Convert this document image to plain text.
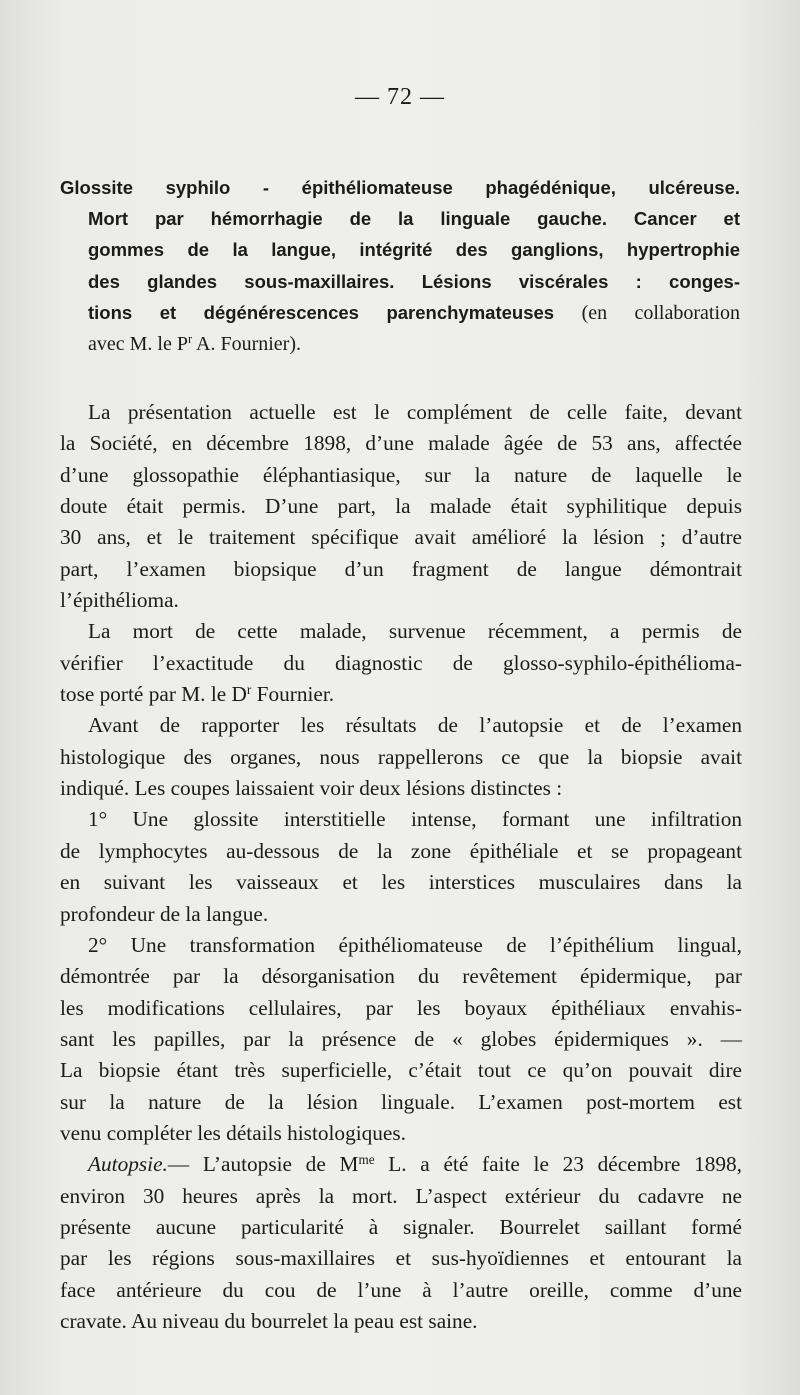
— 72 —
Glossite syphilo - épithéliomateuse phagédénique, ulcéreuse.
Mort par hémorrhagie de la linguale gauche. Cancer et
gommes de la langue, intégrité des ganglions, hypertrophie
des glandes sous-maxillaires. Lésions viscérales : conges-
tions et dégénérescences parenchymateuses (en collaboration
avec M. le $P^r$ A. Fournier).
La présentation actuelle est le complément de celle faite, devant
la Société, en décembre 1898, d’une malade âgée de 53 ans, affectée
d’une glossopathie éléphantiasique, sur la nature de laquelle le
doute était permis. D’une part, la malade était syphilitique depuis
30 ans, et le traitement spécifique avait amélioré la lésion ; d’autre
part, l’examen biopsique d’un fragment de langue démontrait
l’épithélioma.
La mort de cette malade, survenue récemment, a permis de
vérifier l’exactitude du diagnostic de glosso-syphilo-épithélioma-
tose porté par M. le $D^r$ Fournier.
Avant de rapporter les résultats de l’autopsie et de l’examen
histologique des organes, nous rappellerons ce que la biopsie avait
indiqué. Les coupes laissaient voir deux lésions distinctes :
1° Une glossite interstitielle intense, formant une infiltration
de lymphocytes au-dessous de la zone épithéliale et se propageant
en suivant les vaisseaux et les interstices musculaires dans la
profondeur de la langue.
2° Une transformation épithéliomateuse de l’épithélium lingual,
démontrée par la désorganisation du revêtement épidermique, par
les modifications cellulaires, par les boyaux épithéliaux envahis-
sant les papilles, par la présence de « globes épidermiques ». —
La biopsie étant très superficielle, c’était tout ce qu’on pouvait dire
sur la nature de la lésion linguale. L’examen post-mortem est
venu compléter les détails histologiques.
Autopsie.— L’autopsie de $M^{me}$ L. a été faite le 23 décembre 1898,
environ 30 heures après la mort. L’aspect extérieur du cadavre ne
présente aucune particularité à signaler. Bourrelet saillant formé
par les régions sous-maxillaires et sus-hyoïdiennes et entourant la
face antérieure du cou de l’une à l’autre oreille, comme d’une
cravate. Au niveau du bourrelet la peau est saine.
